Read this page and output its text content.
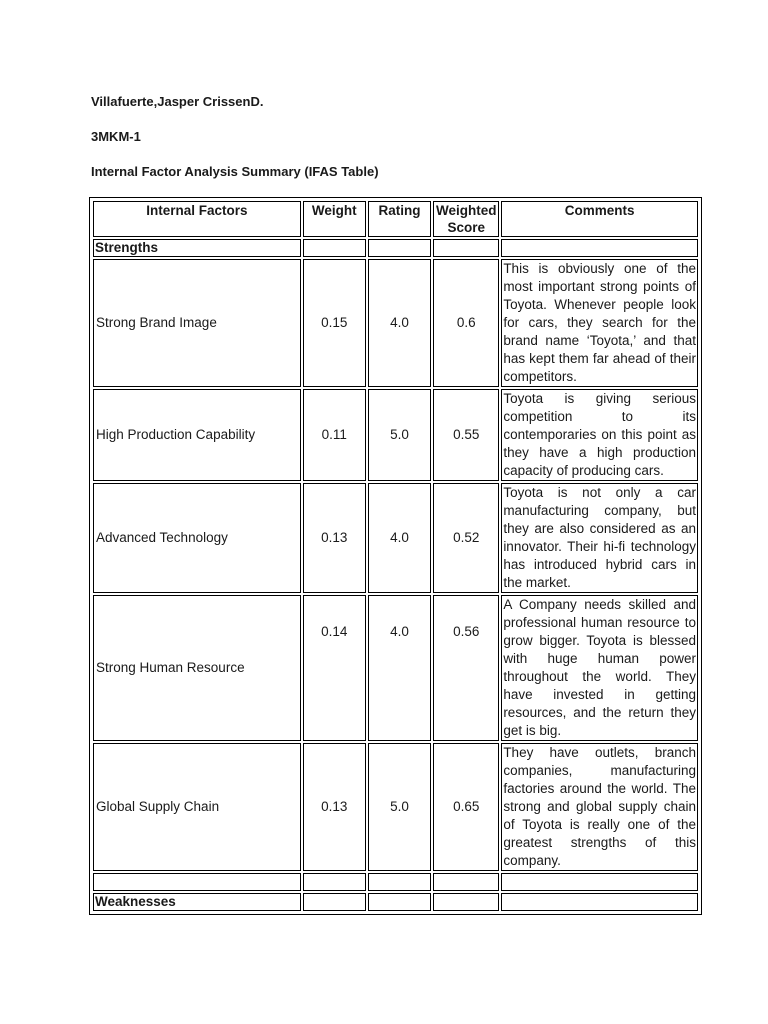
Villafuerte,Jasper CrissenD.
3MKM-1
Internal Factor Analysis Summary (IFAS Table)
Internal Factors	Weight	Rating	Weighted Score	Comments
Strengths				
Strong Brand Image	0.15	4.0	0.6	This is obviously one of the most important strong points of Toyota. Whenever people look for cars, they search for the brand name ‘Toyota,’ and that has kept them far ahead of their competitors.
High Production Capability	0.11	5.0	0.55	Toyota is giving serious competition to its contemporaries on this point as they have a high production capacity of producing cars.
Advanced Technology	0.13	4.0	0.52	Toyota is not only a car manufacturing company, but they are also considered as an innovator. Their hi-fi technology has introduced hybrid cars in the market.
Strong Human Resource	0.14	4.0	0.56	A Company needs skilled and professional human resource to grow bigger. Toyota is blessed with huge human power throughout the world. They have invested in getting resources, and the return they get is big.
Global Supply Chain	0.13	5.0	0.65	They have outlets, branch companies, manufacturing factories around the world. The strong and global supply chain of Toyota is really one of the greatest strengths of this company.

Weaknesses				
